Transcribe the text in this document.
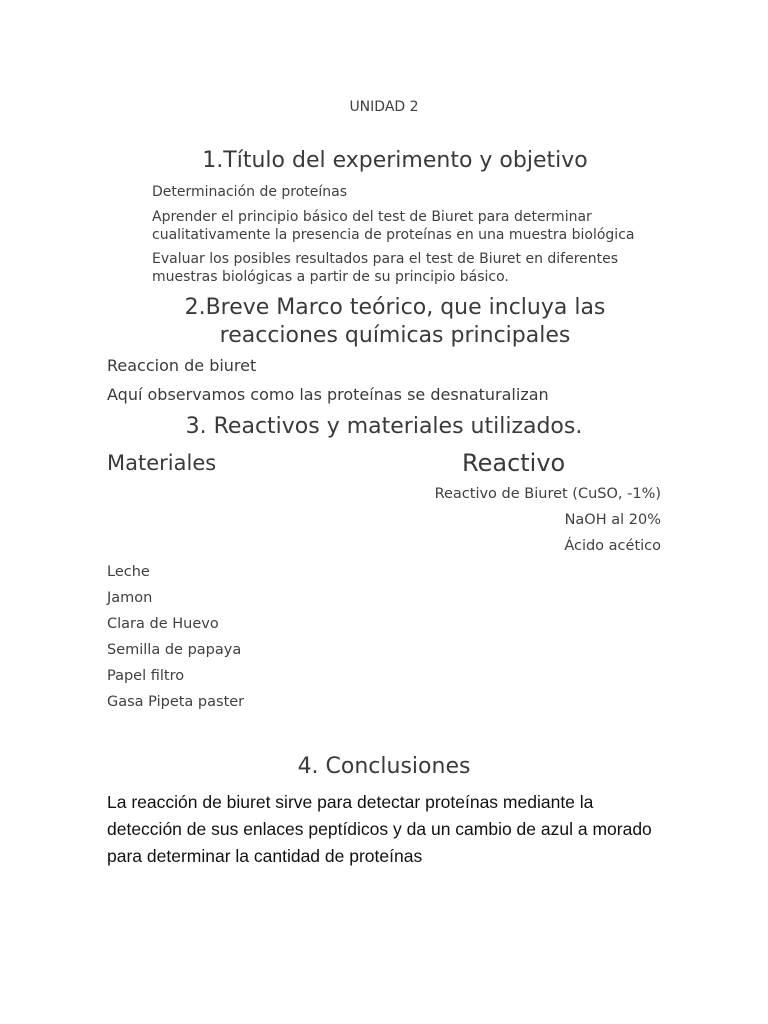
UNIDAD 2

1.Título del experimento y objetivo

Determinación de proteínas

Aprender el principio básico del test de Biuret para determinar cualitativamente la presencia de proteínas en una muestra biológica

Evaluar los posibles resultados para el test de Biuret en diferentes muestras biológicas a partir de su principio básico.

2.Breve Marco teórico, que incluya las reacciones químicas principales

Reaccion de biuret

Aquí observamos como las proteínas se desnaturalizan

3. Reactivos y materiales utilizados.

Materiales	Reactivo

Reactivo de Biuret (CuSO, -1%)

NaOH al 20%

Ácido acético

Leche

Jamon

Clara de Huevo

Semilla de papaya

Papel filtro

Gasa Pipeta paster

4. Conclusiones

La reacción de biuret sirve para detectar proteínas mediante la detección de sus enlaces peptídicos y da un cambio de azul a morado para determinar la cantidad de proteínas
